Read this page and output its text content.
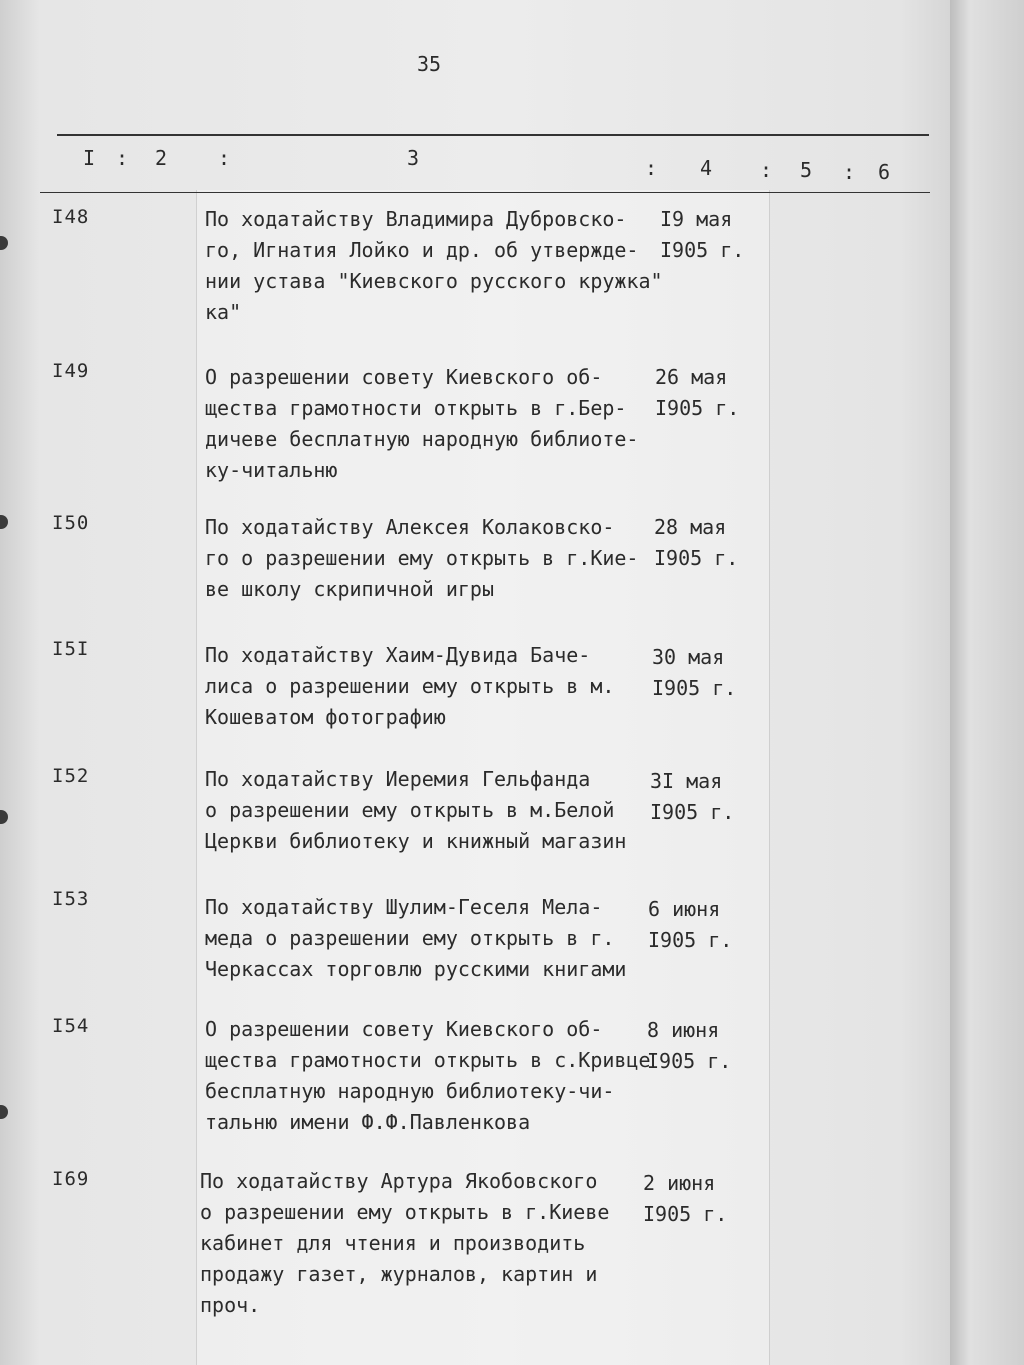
35
I : 2	:	3	: 4 : 5 : 6
I48	По ходатайству Владимира Дубровско-
го, Игнатия Лойко и др. об утвержде-
нии устава "Киевского русского кружка"
ка"
I9 мая
I905 г.
I49	О разрешении совету Киевского об-
щества грамотности открыть в г.Бер-
дичеве бесплатную народную библиоте-
ку-читальню
26 мая
I905 г.
I50	По ходатайству Алексея Колаковско-
го о разрешении ему открыть в г.Кие-
ве школу скрипичной игры
28 мая
I905 г.
I5I	По ходатайству Хаим-Дувида Баче-
лиса о разрешении ему открыть в м.
Кошеватом фотографию
30 мая
I905 г.
I52	По ходатайству Иеремия Гельфанда
о разрешении ему открыть в м.Белой
Церкви библиотеку и книжный магазин
3I мая
I905 г.
I53	По ходатайству Шулим-Геселя Мела-
меда о разрешении ему открыть в г.
Черкассах торговлю русскими книгами
6 июня
I905 г.
I54	О разрешении совету Киевского об-
щества грамотности открыть в с.Кривце
бесплатную народную библиотеку-чи-
тальню имени Ф.Ф.Павленкова
8 июня
I905 г.
I69	По ходатайству Артура Якобовского
о разрешении ему открыть в г.Киеве
кабинет для чтения и производить
продажу газет, журналов, картин и
проч.
2 июня
I905 г.
